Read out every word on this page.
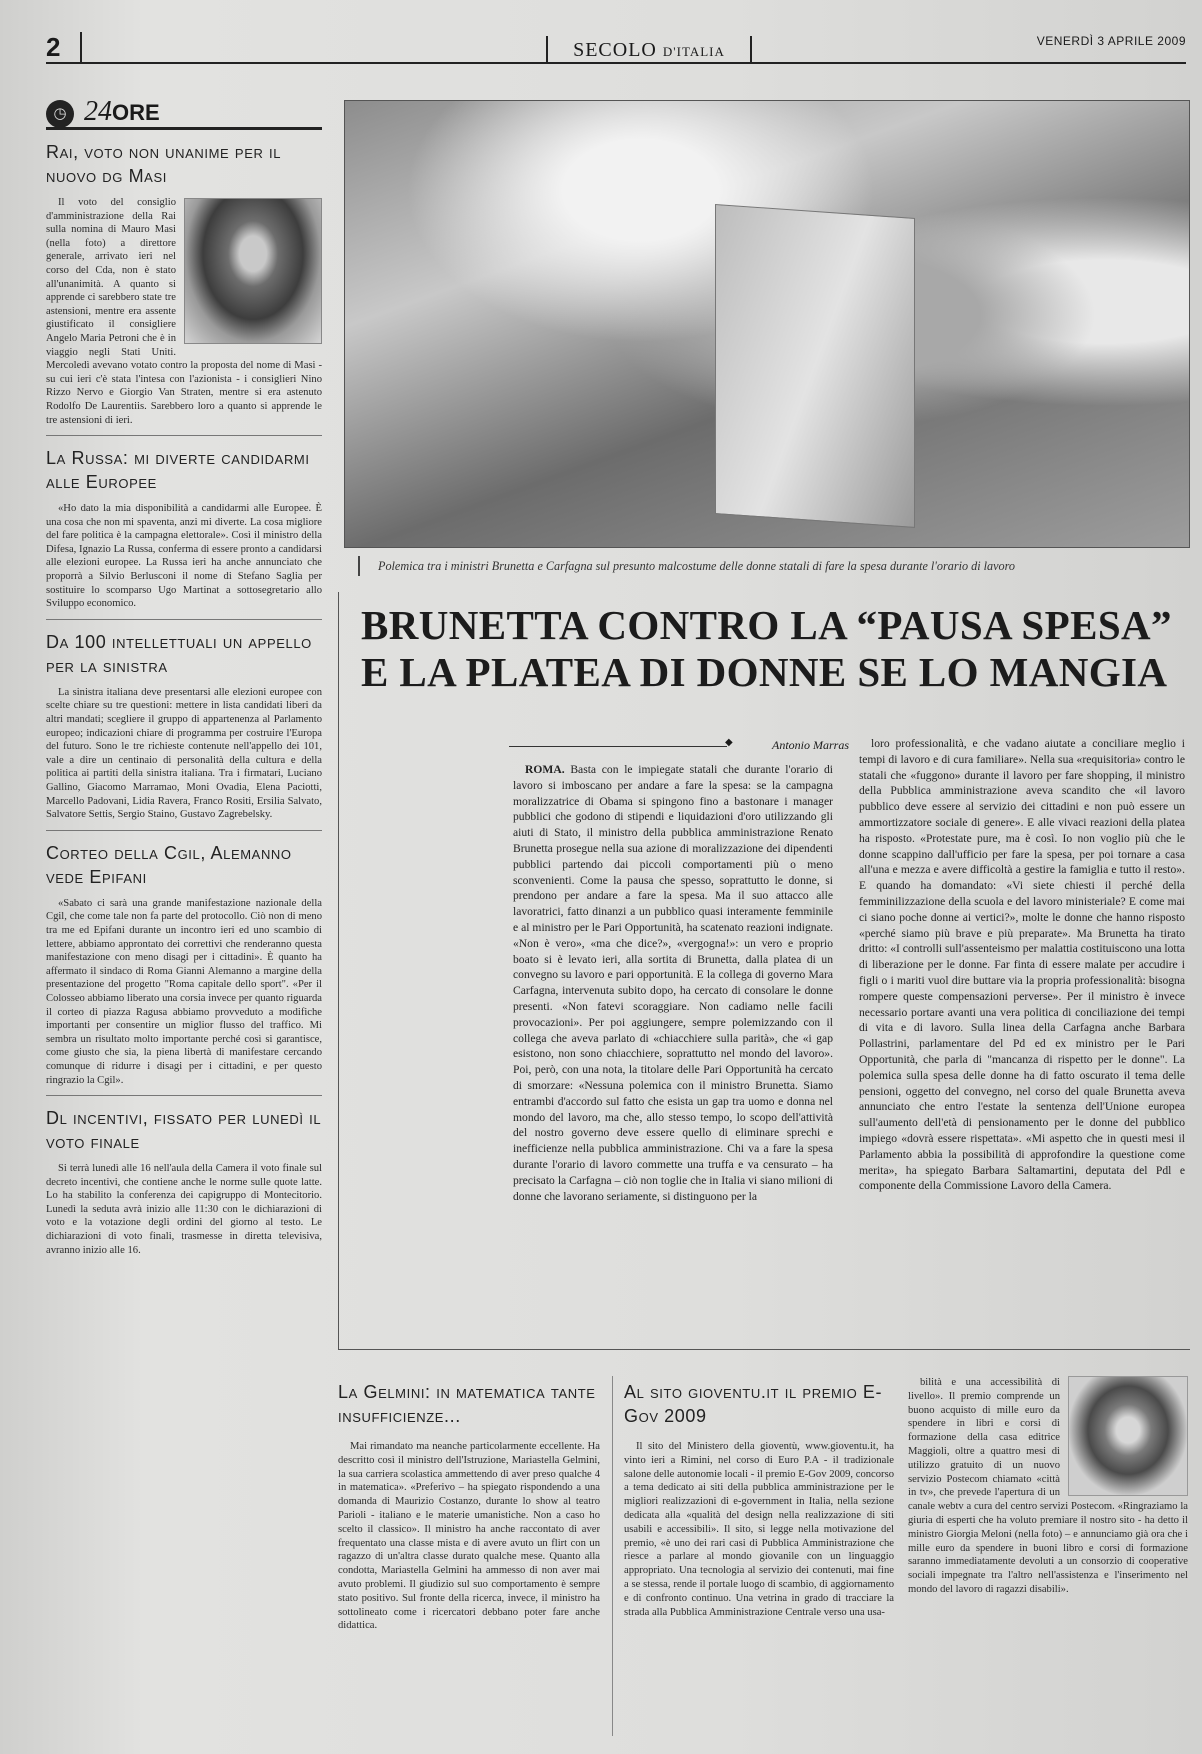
2	SECOLO D'ITALIA
VENERDÌ 3 APRILE 2009
◷ 24ORE
Rai, voto non unanime per il nuovo dg Masi

Il voto del consiglio d'amministrazione della Rai sulla nomina di Mauro Masi (nella foto) a direttore generale, arrivato ieri nel corso del Cda, non è stato all'unanimità. A quanto si apprende ci sarebbero state tre astensioni, mentre era assente giustificato il consigliere Angelo Maria Petroni che è in viaggio negli Stati Uniti. Mercoledì avevano votato contro la proposta del nome di Masi - su cui ieri c'è stata l'intesa con l'azionista - i consiglieri Nino Rizzo Nervo e Giorgio Van Straten, mentre si era astenuto Rodolfo De Laurentiis. Sarebbero loro a quanto si apprende le tre astensioni di ieri.

La Russa: mi diverte candidarmi alle Europee

«Ho dato la mia disponibilità a candidarmi alle Europee. È una cosa che non mi spaventa, anzi mi diverte. La cosa migliore del fare politica è la campagna elettorale». Così il ministro della Difesa, Ignazio La Russa, conferma di essere pronto a candidarsi alle elezioni europee. La Russa ieri ha anche annunciato che proporrà a Silvio Berlusconi il nome di Stefano Saglia per sostituire lo scomparso Ugo Martinat a sottosegretario allo Sviluppo economico.

Da 100 intellettuali un appello per la sinistra

La sinistra italiana deve presentarsi alle elezioni europee con scelte chiare su tre questioni: mettere in lista candidati liberi da altri mandati; scegliere il gruppo di appartenenza al Parlamento europeo; indicazioni chiare di programma per costruire l'Europa del futuro. Sono le tre richieste contenute nell'appello dei 101, vale a dire un centinaio di personalità della cultura e della politica ai partiti della sinistra italiana. Tra i firmatari, Luciano Gallino, Giacomo Marramao, Moni Ovadia, Elena Paciotti, Marcello Padovani, Lidia Ravera, Franco Rositi, Ersilia Salvato, Salvatore Settis, Sergio Staino, Gustavo Zagrebelsky.

Corteo della Cgil, Alemanno vede Epifani

«Sabato ci sarà una grande manifestazione nazionale della Cgil, che come tale non fa parte del protocollo. Ciò non di meno tra me ed Epifani durante un incontro ieri ed uno scambio di lettere, abbiamo approntato dei correttivi che renderanno questa manifestazione con meno disagi per i cittadini». È quanto ha affermato il sindaco di Roma Gianni Alemanno a margine della presentazione del progetto "Roma capitale dello sport". «Per il Colosseo abbiamo liberato una corsia invece per quanto riguarda il corteo di piazza Ragusa abbiamo provveduto a modifiche importanti per consentire un miglior flusso del traffico. Mi sembra un risultato molto importante perché così si garantisce, come giusto che sia, la piena libertà di manifestare cercando comunque di ridurre i disagi per i cittadini, e per questo ringrazio la Cgil».

Dl incentivi, fissato per lunedì il voto finale

Si terrà lunedì alle 16 nell'aula della Camera il voto finale sul decreto incentivi, che contiene anche le norme sulle quote latte. Lo ha stabilito la conferenza dei capigruppo di Montecitorio. Lunedì la seduta avrà inizio alle 11:30 con le dichiarazioni di voto e la votazione degli ordini del giorno al testo. Le dichiarazioni di voto finali, trasmesse in diretta televisiva, avranno inizio alle 16.

Polemica tra i ministri Brunetta e Carfagna sul presunto malcostume delle donne statali di fare la spesa durante l'orario di lavoro
BRUNETTA CONTRO LA “PAUSA SPESA”
E LA PLATEA DI DONNE SE LO MANGIA
Antonio Marras ◆

ROMA. Basta con le impiegate statali che durante l'orario di lavoro si imboscano per andare a fare la spesa: se la campagna moralizzatrice di Obama si spingono fino a bastonare i manager pubblici che godono di stipendi e liquidazioni d'oro utilizzando gli aiuti di Stato, il ministro della pubblica amministrazione Renato Brunetta prosegue nella sua azione di moralizzazione dei dipendenti pubblici partendo dai piccoli comportamenti più o meno sconvenienti. Come la pausa che spesso, soprattutto le donne, si prendono per andare a fare la spesa. Ma il suo attacco alle lavoratrici, fatto dinanzi a un pubblico quasi interamente femminile e al ministro per le Pari Opportunità, ha scatenato reazioni indignate. «Non è vero», «ma che dice?», «vergogna!»: un vero e proprio boato si è levato ieri, alla sortita di Brunetta, dalla platea di un convegno su lavoro e pari opportunità. E la collega di governo Mara Carfagna, intervenuta subito dopo, ha cercato di consolare le donne presenti. «Non fatevi scoraggiare. Non cadiamo nelle facili provocazioni». Per poi aggiungere, sempre polemizzando con il collega che aveva parlato di «chiacchiere sulla parità», che «i gap esistono, non sono chiacchiere, soprattutto nel mondo del lavoro». Poi, però, con una nota, la titolare delle Pari Opportunità ha cercato di smorzare: «Nessuna polemica con il ministro Brunetta. Siamo entrambi d'accordo sul fatto che esista un gap tra uomo e donna nel mondo del lavoro, ma che, allo stesso tempo, lo scopo dell'attività del nostro governo deve essere quello di eliminare sprechi e inefficienze nella pubblica amministrazione. Chi va a fare la spesa durante l'orario di lavoro commette una truffa e va censurato – ha precisato la Carfagna – ciò non toglie che in Italia vi siano milioni di donne che lavorano seriamente, si distinguono per la

loro professionalità, e che vadano aiutate a conciliare meglio i tempi di lavoro e di cura familiare». Nella sua «requisitoria» contro le statali che «fuggono» durante il lavoro per fare shopping, il ministro della Pubblica amministrazione aveva scandito che «il lavoro pubblico deve essere al servizio dei cittadini e non può essere un ammortizzatore sociale di genere». E alle vivaci reazioni della platea ha risposto. «Protestate pure, ma è così. Io non voglio più che le donne scappino dall'ufficio per fare la spesa, per poi tornare a casa all'una e mezza e avere difficoltà a gestire la famiglia e tutto il resto». E quando ha domandato: «Vi siete chiesti il perché della femminilizzazione della scuola e del lavoro ministeriale? E come mai ci siano poche donne ai vertici?», molte le donne che hanno risposto «perché siamo più brave e più preparate». Ma Brunetta ha tirato dritto: «I controlli sull'assenteismo per malattia costituiscono una lotta di liberazione per le donne. Far finta di essere malate per accudire i figli o i mariti vuol dire buttare via la propria professionalità: bisogna rompere queste compensazioni perverse». Per il ministro è invece necessario portare avanti una vera politica di conciliazione dei tempi di vita e di lavoro. Sulla linea della Carfagna anche Barbara Pollastrini, parlamentare del Pd ed ex ministro per le Pari Opportunità, che parla di "mancanza di rispetto per le donne". La polemica sulla spesa delle donne ha di fatto oscurato il tema delle pensioni, oggetto del convegno, nel corso del quale Brunetta aveva annunciato che entro l'estate la sentenza dell'Unione europea sull'aumento dell'età di pensionamento per le donne del pubblico impiego «dovrà essere rispettata». «Mi aspetto che in questi mesi il Parlamento abbia la possibilità di approfondire la questione come merita», ha spiegato Barbara Saltamartini, deputata del Pdl e componente della Commissione Lavoro della Camera.

La Gelmini: in matematica tante insufficienze...

Mai rimandato ma neanche particolarmente eccellente. Ha descritto così il ministro dell'Istruzione, Mariastella Gelmini, la sua carriera scolastica ammettendo di aver preso qualche 4 in matematica». «Preferivo – ha spiegato rispondendo a una domanda di Maurizio Costanzo, durante lo show al teatro Parioli - italiano e le materie umanistiche. Non a caso ho scelto il classico». Il ministro ha anche raccontato di aver frequentato una classe mista e di avere avuto un flirt con un ragazzo di un'altra classe durato qualche mese. Quanto alla condotta, Mariastella Gelmini ha ammesso di non aver mai avuto problemi. Il giudizio sul suo comportamento è sempre stato positivo. Sul fronte della ricerca, invece, il ministro ha sottolineato come i ricercatori debbano poter fare anche didattica.

Al sito gioventu.it il premio E-Gov 2009

Il sito del Ministero della gioventù, www.gioventu.it, ha vinto ieri a Rimini, nel corso di Euro P.A - il tradizionale salone delle autonomie locali - il premio E-Gov 2009, concorso a tema dedicato ai siti della pubblica amministrazione per le migliori realizzazioni di e-government in Italia, nella sezione dedicata alla «qualità del design nella realizzazione di siti usabili e accessibili». Il sito, si legge nella motivazione del premio, «è uno dei rari casi di Pubblica Amministrazione che riesce a parlare al mondo giovanile con un linguaggio appropriato. Una tecnologia al servizio dei contenuti, mai fine a se stessa, rende il portale luogo di scambio, di aggiornamento e di confronto continuo. Una vetrina in grado di tracciare la strada alla Pubblica Amministrazione Centrale verso una usa-

bilità e una accessibilità di livello». Il premio comprende un buono acquisto di mille euro da spendere in libri e corsi di formazione della casa editrice Maggioli, oltre a quattro mesi di utilizzo gratuito di un nuovo servizio Postecom chiamato «città in tv», che prevede l'apertura di un canale webtv a cura del centro servizi Postecom. «Ringraziamo la giuria di esperti che ha voluto premiare il nostro sito - ha detto il ministro Giorgia Meloni (nella foto) – e annunciamo già ora che i mille euro da spendere in buoni libro e corsi di formazione saranno immediatamente devoluti a un consorzio di cooperative sociali impegnate tra l'altro nell'assistenza e l'inserimento nel mondo del lavoro di ragazzi disabili».
